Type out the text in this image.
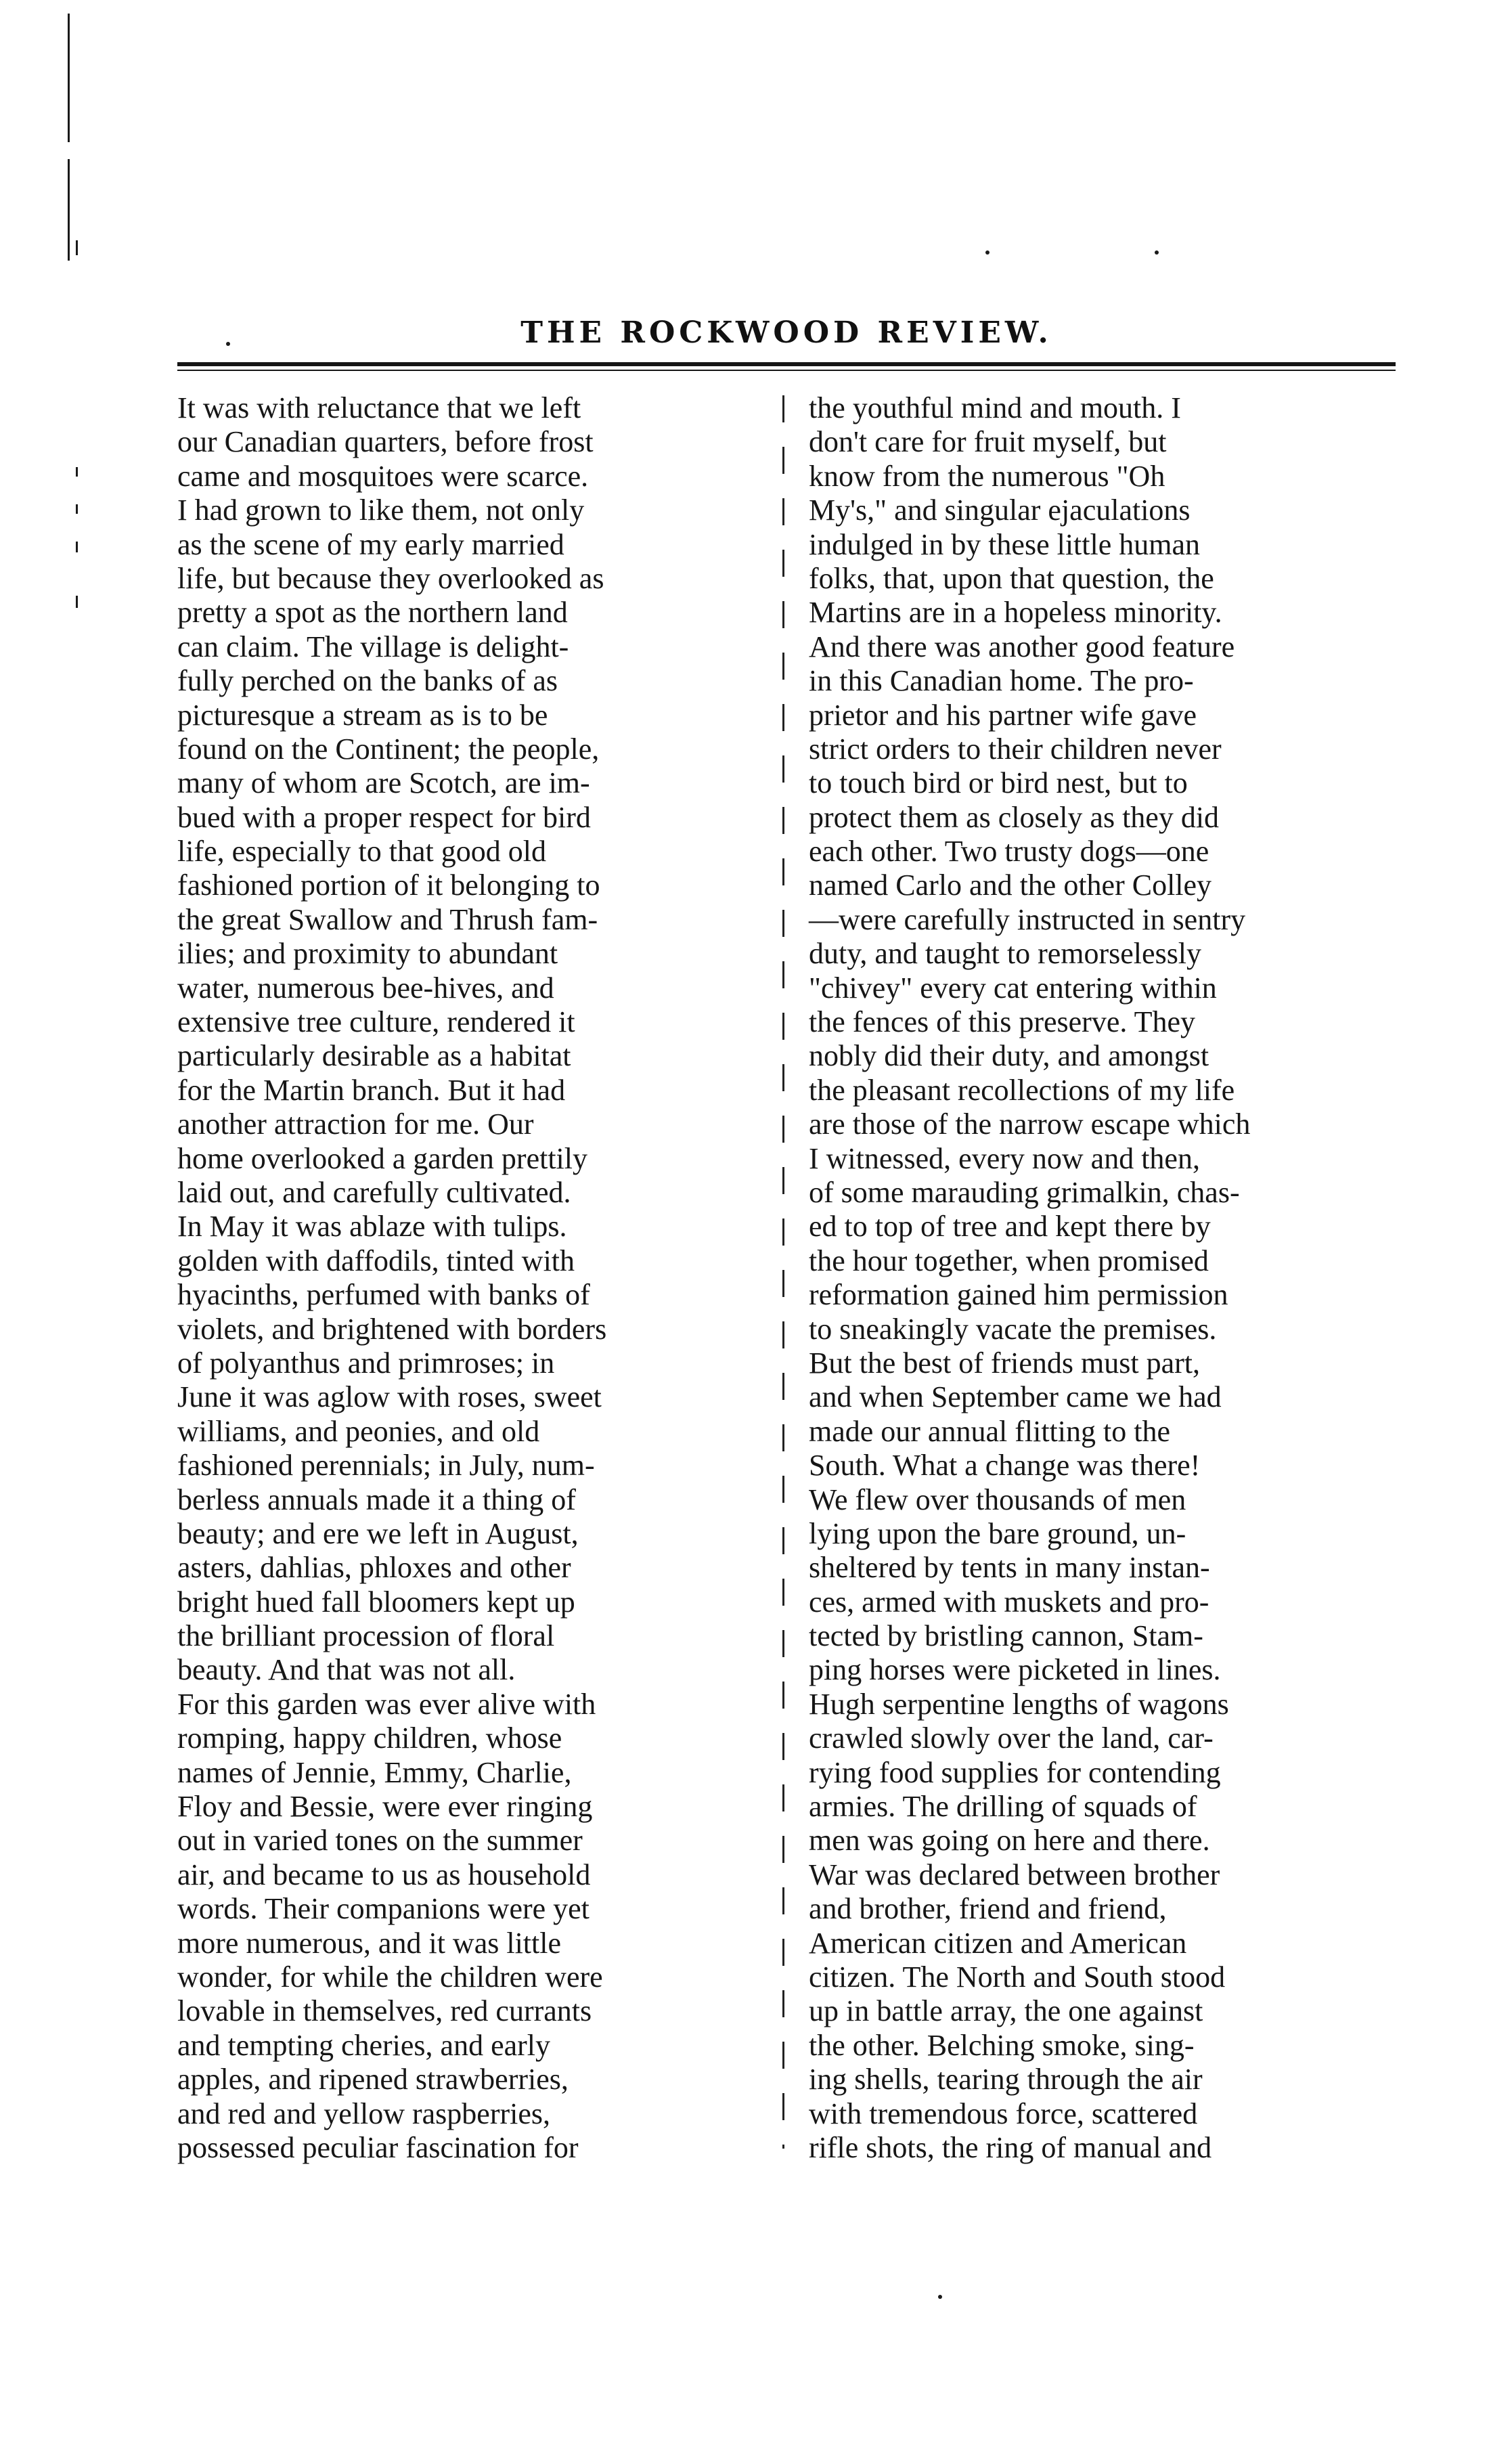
THE ROCKWOOD REVIEW.
It was with reluctance that we left
our Canadian quarters, before frost
came and mosquitoes were scarce.
I had grown to like them, not only
as the scene of my early married
life, but because they overlooked as
pretty a spot as the northern land
can claim. The village is delight-
fully perched on the banks of as
picturesque a stream as is to be
found on the Continent; the people,
many of whom are Scotch, are im-
bued with a proper respect for bird
life, especially to that good old
fashioned portion of it belonging to
the great Swallow and Thrush fam-
ilies; and proximity to abundant
water, numerous bee-hives, and
extensive tree culture, rendered it
particularly desirable as a habitat
for the Martin branch. But it had
another attraction for me. Our
home overlooked a garden prettily
laid out, and carefully cultivated.
In May it was ablaze with tulips.
golden with daffodils, tinted with
hyacinths, perfumed with banks of
violets, and brightened with borders
of polyanthus and primroses; in
June it was aglow with roses, sweet
williams, and peonies, and old
fashioned perennials; in July, num-
berless annuals made it a thing of
beauty; and ere we left in August,
asters, dahlias, phloxes and other
bright hued fall bloomers kept up
the brilliant procession of floral
beauty. And that was not all.
For this garden was ever alive with
romping, happy children, whose
names of Jennie, Emmy, Charlie,
Floy and Bessie, were ever ringing
out in varied tones on the summer
air, and became to us as household
words. Their companions were yet
more numerous, and it was little
wonder, for while the children were
lovable in themselves, red currants
and tempting cheries, and early
apples, and ripened strawberries,
and red and yellow raspberries,
possessed peculiar fascination for
the youthful mind and mouth. I
don't care for fruit myself, but
know from the numerous "Oh
My's," and singular ejaculations
indulged in by these little human
folks, that, upon that question, the
Martins are in a hopeless minority.
And there was another good feature
in this Canadian home. The pro-
prietor and his partner wife gave
strict orders to their children never
to touch bird or bird nest, but to
protect them as closely as they did
each other. Two trusty dogs—one
named Carlo and the other Colley
—were carefully instructed in sentry
duty, and taught to remorselessly
"chivey" every cat entering within
the fences of this preserve. They
nobly did their duty, and amongst
the pleasant recollections of my life
are those of the narrow escape which
I witnessed, every now and then,
of some marauding grimalkin, chas-
ed to top of tree and kept there by
the hour together, when promised
reformation gained him permission
to sneakingly vacate the premises.
But the best of friends must part,
and when September came we had
made our annual flitting to the
South. What a change was there!
We flew over thousands of men
lying upon the bare ground, un-
sheltered by tents in many instan-
ces, armed with muskets and pro-
tected by bristling cannon, Stam-
ping horses were picketed in lines.
Hugh serpentine lengths of wagons
crawled slowly over the land, car-
rying food supplies for contending
armies. The drilling of squads of
men was going on here and there.
War was declared between brother
and brother, friend and friend,
American citizen and American
citizen. The North and South stood
up in battle array, the one against
the other. Belching smoke, sing-
ing shells, tearing through the air
with tremendous force, scattered
rifle shots, the ring of manual and
